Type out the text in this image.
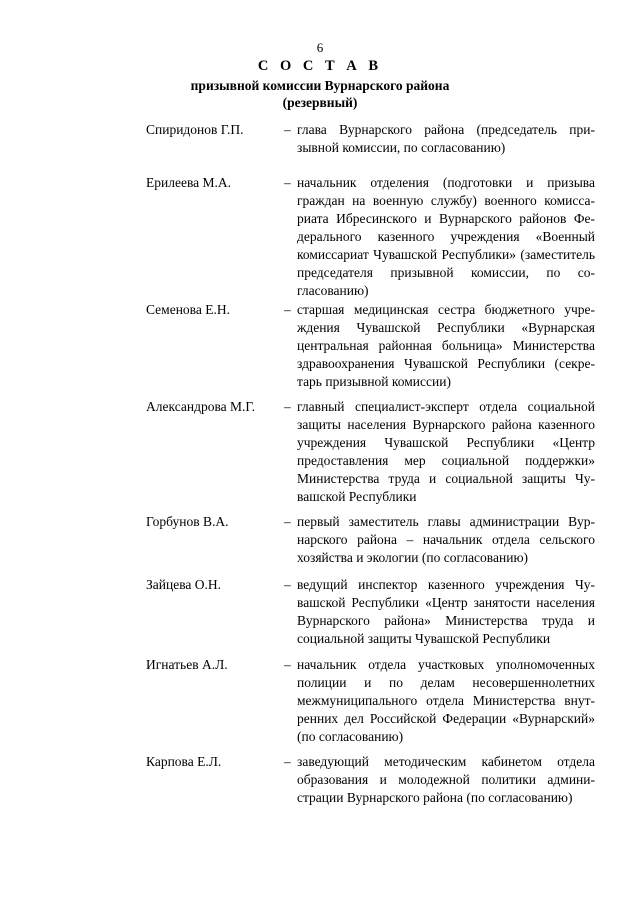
6
С О С Т А В
призывной комиссии Вурнарского района
(резервный)
Спиридонов Г.П.	– глава Вурнарского района (председатель призывной комиссии, по согласованию)
Ерилеева М.А.	– начальник отделения (подготовки и призыва граждан на военную службу) военного комиссариата Ибресинского и Вурнарского районов Федерального казенного учреждения «Военный комиссариат Чувашской Республики» (заместитель председателя призывной комиссии, по согласованию)
Семенова Е.Н.	– старшая медицинская сестра бюджетного учреждения Чувашской Республики «Вурнарская центральная районная больница» Министерства здравоохранения Чувашской Республики (секретарь призывной комиссии)
Александрова М.Г.	– главный специалист-эксперт отдела социальной защиты населения Вурнарского района казенного учреждения Чувашской Республики «Центр предоставления мер социальной поддержки» Министерства труда и социальной защиты Чувашской Республики
Горбунов В.А.	– первый заместитель главы администрации Вурнарского района – начальник отдела сельского хозяйства и экологии (по согласованию)
Зайцева О.Н.	– ведущий инспектор казенного учреждения Чувашской Республики «Центр занятости населения Вурнарского района» Министерства труда и социальной защиты Чувашской Республики
Игнатьев А.Л.	– начальник отдела участковых уполномоченных полиции и по делам несовершеннолетних межмуниципального отдела Министерства внутренних дел Российской Федерации «Вурнарский» (по согласованию)
Карпова Е.Л.	– заведующий методическим кабинетом отдела образования и молодежной политики администрации Вурнарского района (по согласованию)
